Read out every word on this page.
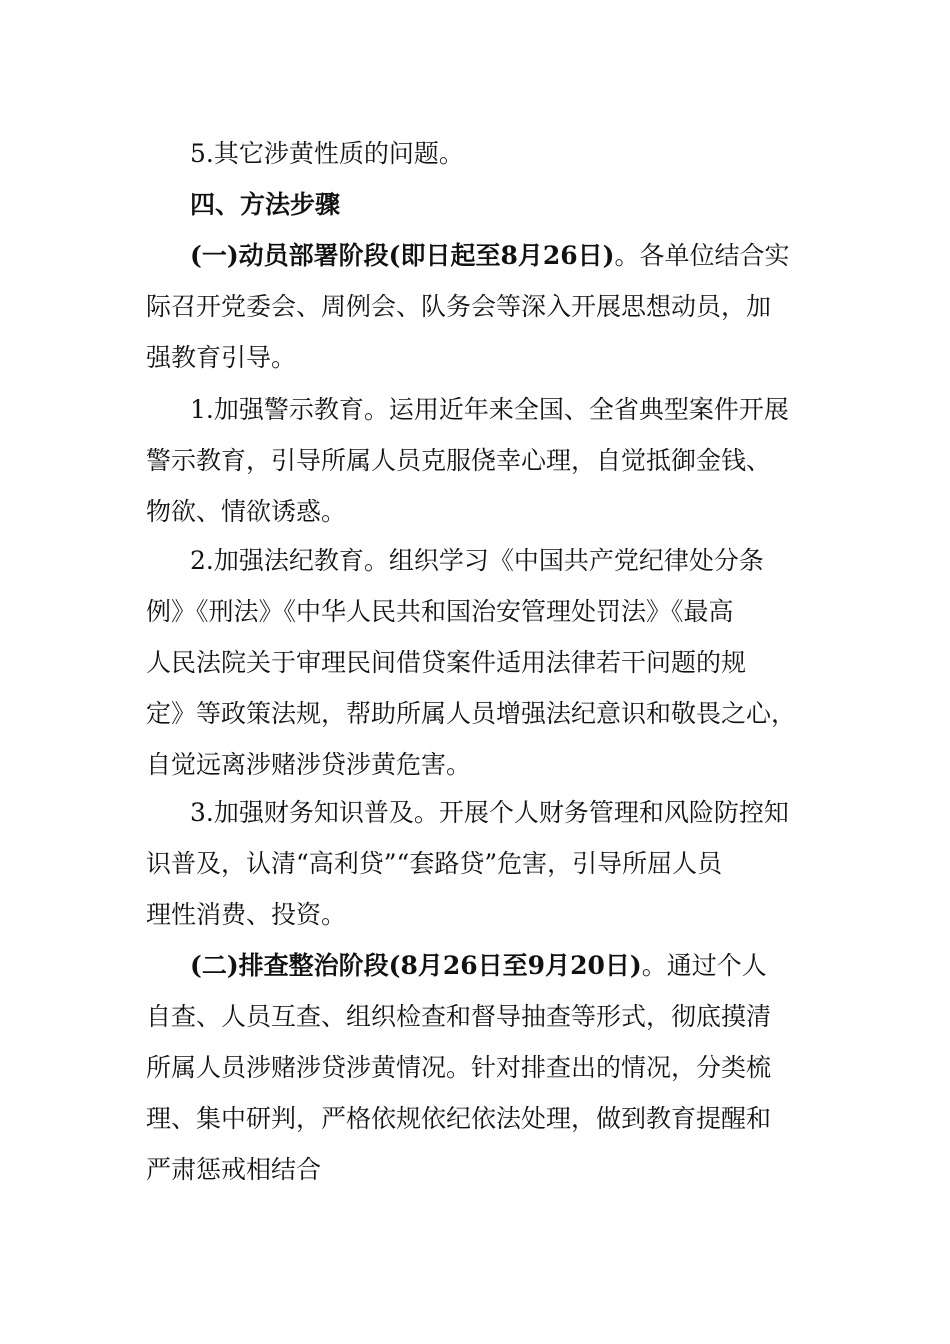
5.其它涉黄性质的问题。

四、方法步骤

(一)动员部署阶段(即日起至8月26日)。各单位结合实
际召开党委会、周例会、队务会等深入开展思想动员，加
强教育引导。

1.加强警示教育。运用近年来全国、全省典型案件开展
警示教育，引导所属人员克服侥幸心理，自觉抵御金钱、
物欲、情欲诱惑。

2.加强法纪教育。组织学习《中国共产党纪律处分条
例》《刑法》《中华人民共和国治安管理处罚法》《最高
人民法院关于审理民间借贷案件适用法律若干问题的规
定》等政策法规，帮助所属人员增强法纪意识和敬畏之心，
自觉远离涉赌涉贷涉黄危害。

3.加强财务知识普及。开展个人财务管理和风险防控知
识普及，认清“高利贷”“套路贷”危害，引导所屈人员
理性消费、投资。

(二)排查整治阶段(8月26日至9月20日)。通过个人
自查、人员互查、组织检查和督导抽查等形式，彻底摸清
所属人员涉赌涉贷涉黄情况。针对排查出的情况，分类梳
理、集中研判，严格依规依纪依法处理，做到教育提醒和
严肃惩戒相结合
